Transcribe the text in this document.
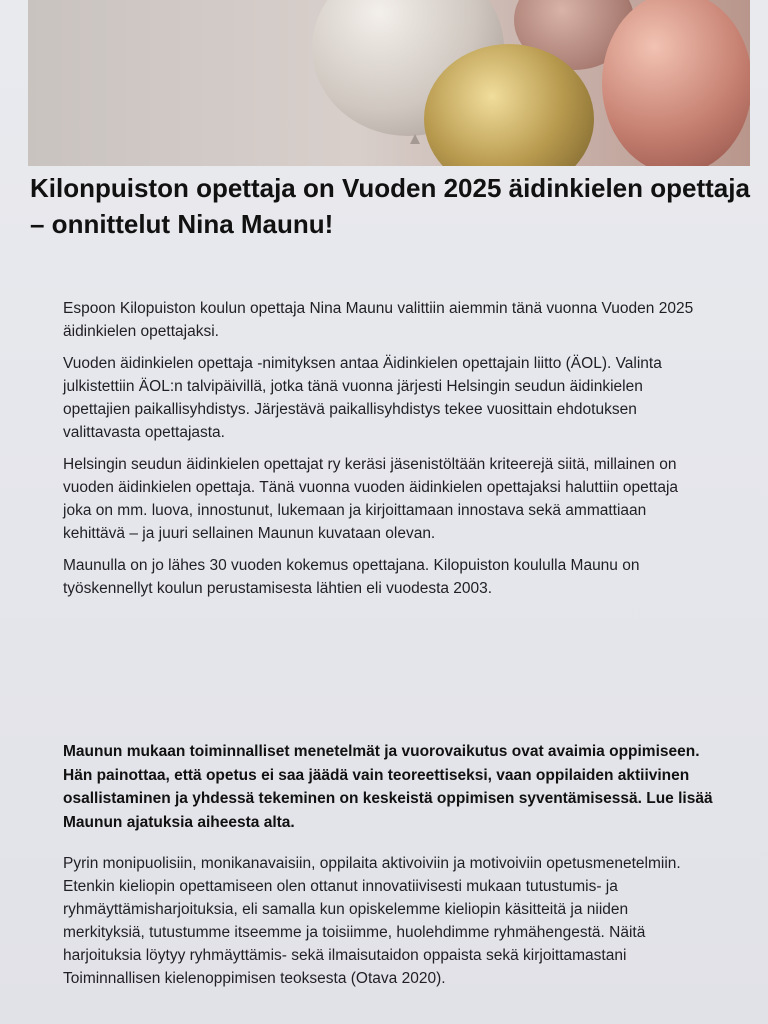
Kilonpuiston opettaja on Vuoden 2025 äidinkielen opettaja – onnittelut Nina Maunu!

Espoon Kilopuiston koulun opettaja Nina Maunu valittiin aiemmin tänä vuonna Vuoden 2025 äidinkielen opettajaksi.

Vuoden äidinkielen opettaja -nimityksen antaa Äidinkielen opettajain liitto (ÄOL). Valinta julkistettiin ÄOL:n talvipäivillä, jotka tänä vuonna järjesti Helsingin seudun äidinkielen opettajien paikallisyhdistys. Järjestävä paikallisyhdistys tekee vuosittain ehdotuksen valittavasta opettajasta.

Helsingin seudun äidinkielen opettajat ry keräsi jäsenistöltään kriteerejä siitä, millainen on vuoden äidinkielen opettaja. Tänä vuonna vuoden äidinkielen opettajaksi haluttiin opettaja joka on mm. luova, innostunut, lukemaan ja kirjoittamaan innostava sekä ammattiaan kehittävä – ja juuri sellainen Maunun kuvataan olevan.

Maunulla on jo lähes 30 vuoden kokemus opettajana. Kilopuiston koululla Maunu on työskennellyt koulun perustamisesta lähtien eli vuodesta 2003.

Maunun mukaan toiminnalliset menetelmät ja vuorovaikutus ovat avaimia oppimiseen. Hän painottaa, että opetus ei saa jäädä vain teoreettiseksi, vaan oppilaiden aktiivinen osallistaminen ja yhdessä tekeminen on keskeistä oppimisen syventämisessä. Lue lisää Maunun ajatuksia aiheesta alta.

Pyrin monipuolisiin, monikanavaisiin, oppilaita aktivoiviin ja motivoiviin opetusmenetelmiin. Etenkin kieliopin opettamiseen olen ottanut innovatiivisesti mukaan tutustumis- ja ryhmäyttämisharjoituksia, eli samalla kun opiskelemme kieliopin käsitteitä ja niiden merkityksiä, tutustumme itseemme ja toisiimme, huolehdimme ryhmähengestä. Näitä harjoituksia löytyy ryhmäyttämis- sekä ilmaisutaidon oppaista sekä kirjoittamastani Toiminnallisen kielenoppimisen teoksesta (Otava 2020).
